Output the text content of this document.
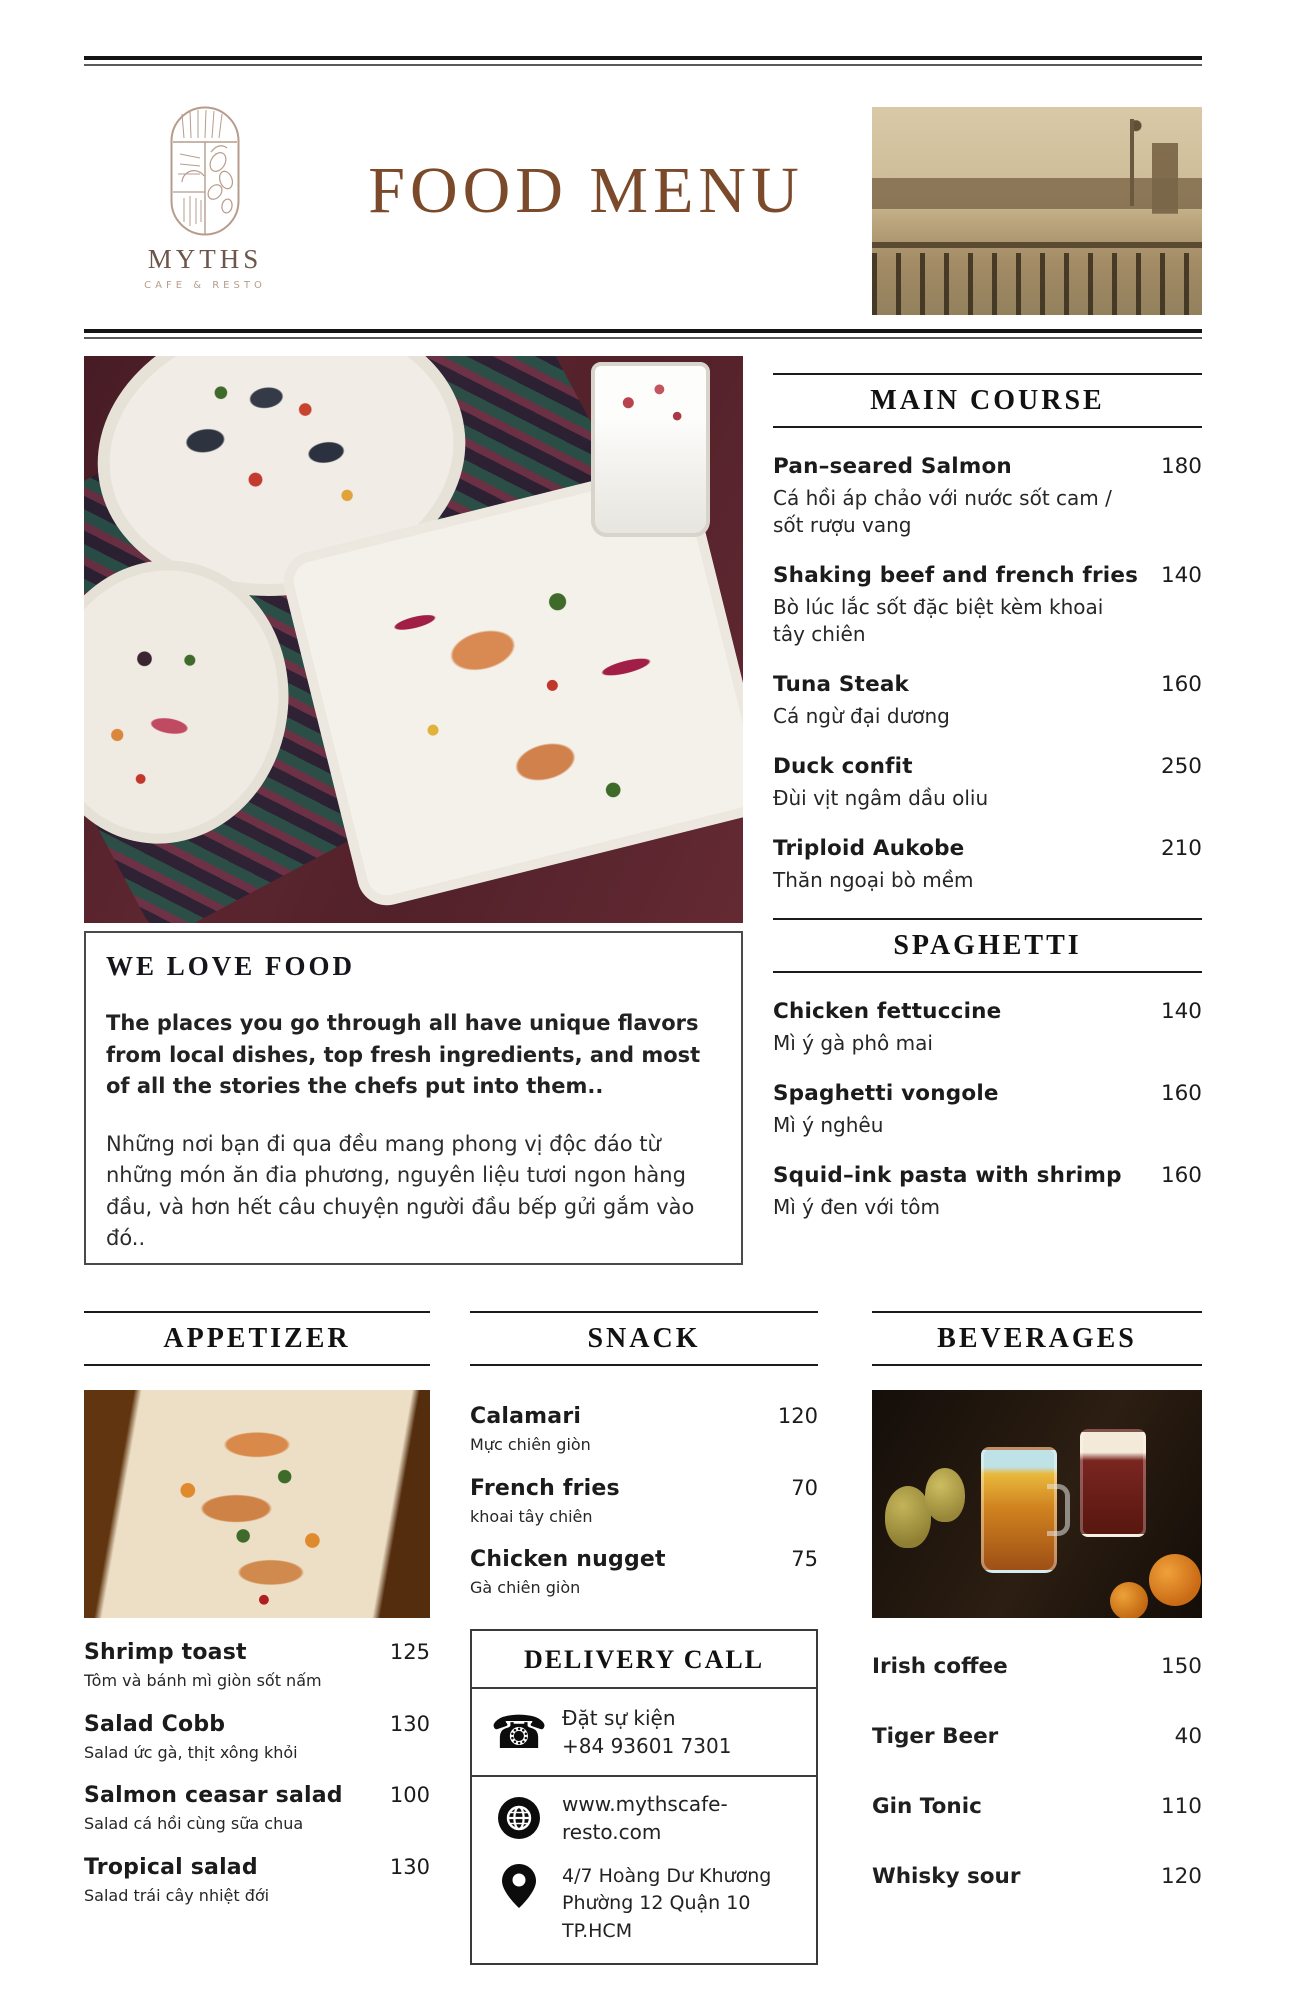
MYTHS
CAFE & RESTO
FOOD MENU
WE LOVE FOOD

The places you go through all have unique flavors from local dishes, top fresh ingredients, and most of all the stories the chefs put into them..

Những nơi bạn đi qua đều mang phong vị độc đáo từ những món ăn đia phương, nguyên liệu tươi ngon hàng đầu, và hơn hết câu chuyện người đầu bếp gửi gắm vào đó..

MAIN COURSE
Pan–seared Salmon	180
Cá hồi áp chảo với nước sốt cam / sốt rượu vang
Shaking beef and french fries 140
Bò lúc lắc sốt đặc biệt kèm khoai tây chiên
Tuna Steak	160
Cá ngừ đại dương
Duck confit	250
Đùi vịt ngâm dầu oliu
Triploid Aukobe	210
Thăn ngoại bò mềm
SPAGHETTI
Chicken fettuccine	140
Mì ý gà phô mai
Spaghetti vongole	160
Mì ý nghêu
Squid–ink pasta with shrimp 160
Mì ý đen với tôm
APPETIZER
Shrimp toast	125
Tôm và bánh mì giòn sốt nấm
Salad Cobb	130
Salad ức gà, thịt xông khỏi
Salmon ceasar salad 100
Salad cá hồi cùng sữa chua
Tropical salad	130
Salad trái cây nhiệt đới
SNACK
Calamari	120
Mực chiên giòn
French fries	70
khoai tây chiên
Chicken nugget	75
Gà chiên giòn
DELIVERY CALL
☎ Đặt sự kiện
+84 93601 7301
www.mythscafe-resto.com
4/7 Hoàng Dư Khương
Phường 12 Quận 10 TP.HCM
BEVERAGES
Irish coffee	150
Tiger Beer	40
Gin Tonic	110
Whisky sour	120
